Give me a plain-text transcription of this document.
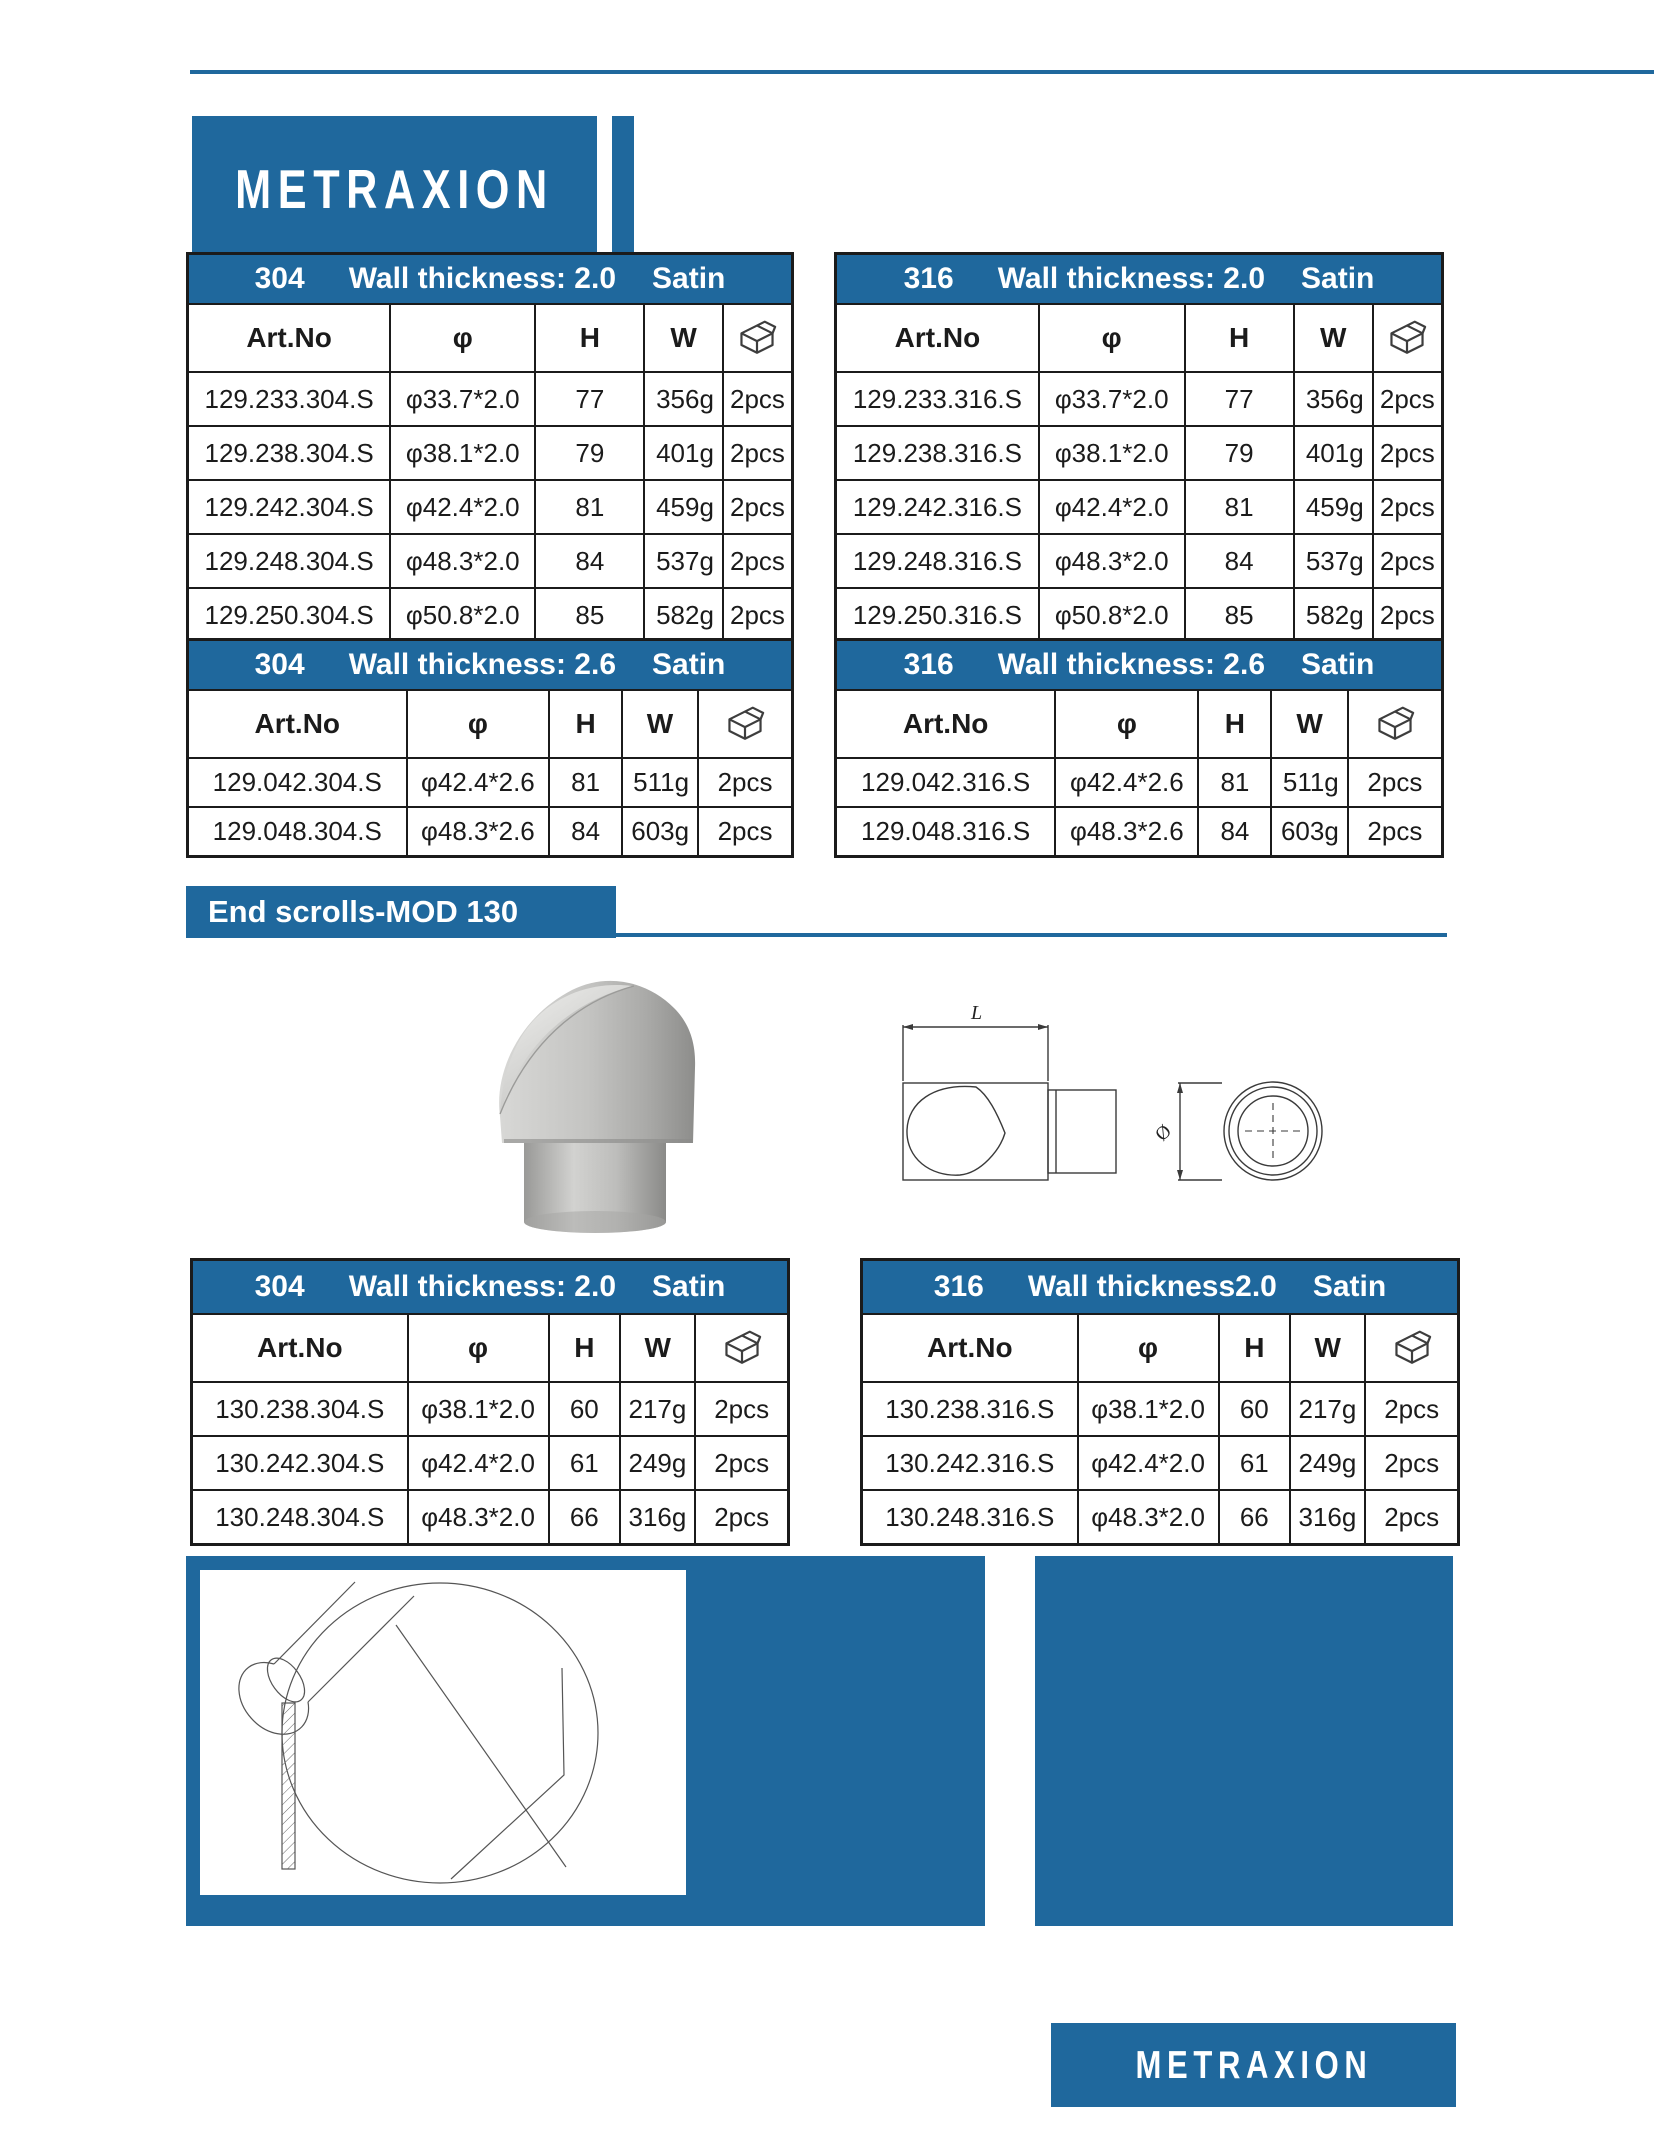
METRAXION
304 Wall thickness: 2.0 Satin				

Art.No	φ	H	W	

129.233.304.S	φ33.7*2.0	77	356g	2pcs
129.238.304.S	φ38.1*2.0	79	401g	2pcs
129.242.304.S	φ42.4*2.0	81	459g	2pcs
129.248.304.S	φ48.3*2.0	84	537g	2pcs
129.250.304.S	φ50.8*2.0	85	582g	2pcs
316 Wall thickness: 2.0 Satin				

Art.No	φ	H	W	

129.233.316.S	φ33.7*2.0	77	356g	2pcs
129.238.316.S	φ38.1*2.0	79	401g	2pcs
129.242.316.S	φ42.4*2.0	81	459g	2pcs
129.248.316.S	φ48.3*2.0	84	537g	2pcs
129.250.316.S	φ50.8*2.0	85	582g	2pcs
304 Wall thickness: 2.6 Satin				

Art.No	φ	H	W	

129.042.304.S	φ42.4*2.6	81	511g	2pcs
129.048.304.S	φ48.3*2.6	84	603g	2pcs
316 Wall thickness: 2.6 Satin				

Art.No	φ	H	W	

129.042.316.S	φ42.4*2.6	81	511g	2pcs
129.048.316.S	φ48.3*2.6	84	603g	2pcs
End scrolls-MOD 130
L
Ø
304 Wall thickness: 2.0 Satin				

Art.No	φ	H	W	

130.238.304.S	φ38.1*2.0	60	217g	2pcs
130.242.304.S	φ42.4*2.0	61	249g	2pcs
130.248.304.S	φ48.3*2.0	66	316g	2pcs
316 Wall thickness2.0 Satin				

Art.No	φ	H	W	

130.238.316.S	φ38.1*2.0	60	217g	2pcs
130.242.316.S	φ42.4*2.0	61	249g	2pcs
130.248.316.S	φ48.3*2.0	66	316g	2pcs
METRAXION
